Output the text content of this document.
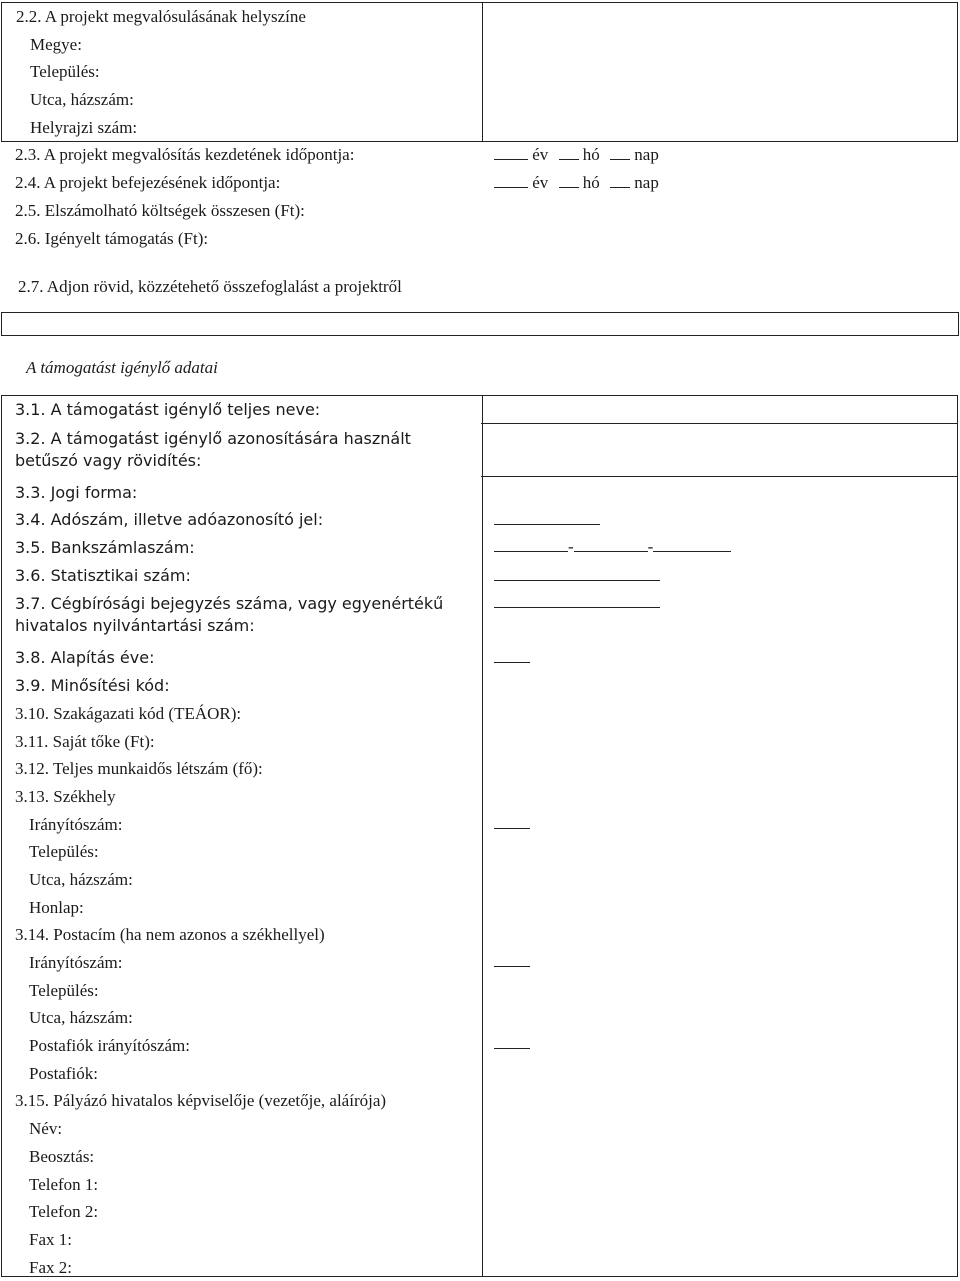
2.2. A projekt megvalósulásának helyszíne
Megye:
Település:
Utca, házszám:
Helyrajzi szám:
2.3. A projekt megvalósítás kezdetének időpontja:	év hó nap
2.4. A projekt befejezésének időpontja:	év hó nap
2.5. Elszámolható költségek összesen (Ft):
2.6. Igényelt támogatás (Ft):
2.7. Adjon rövid, közzétehető összefoglalást a projektről
A támogatást igénylő adatai
3.1. A támogatást igénylő teljes neve:
3.2. A támogatást igénylő azonosítására használt betűszó vagy rövidítés:
3.3. Jogi forma:
3.4. Adószám, illetve adóazonosító jel:
3.5. Bankszámlaszám:
3.6. Statisztikai szám:
3.7. Cégbírósági bejegyzés száma, vagy egyenértékű hivatalos nyilvántartási szám:
3.8. Alapítás éve:
3.9. Minősítési kód:
3.10. Szakágazati kód (TEÁOR):
3.11. Saját tőke (Ft):
3.12. Teljes munkaidős létszám (fő):
3.13. Székhely
Irányítószám:
Település:
Utca, házszám:
Honlap:
3.14. Postacím (ha nem azonos a székhellyel)
Irányítószám:
Település:
Utca, házszám:
Postafiók irányítószám:
Postafiók:
3.15. Pályázó hivatalos képviselője (vezetője, aláírója)
Név:
Beosztás:
Telefon 1:
Telefon 2:
Fax 1:
Fax 2:
-	-
